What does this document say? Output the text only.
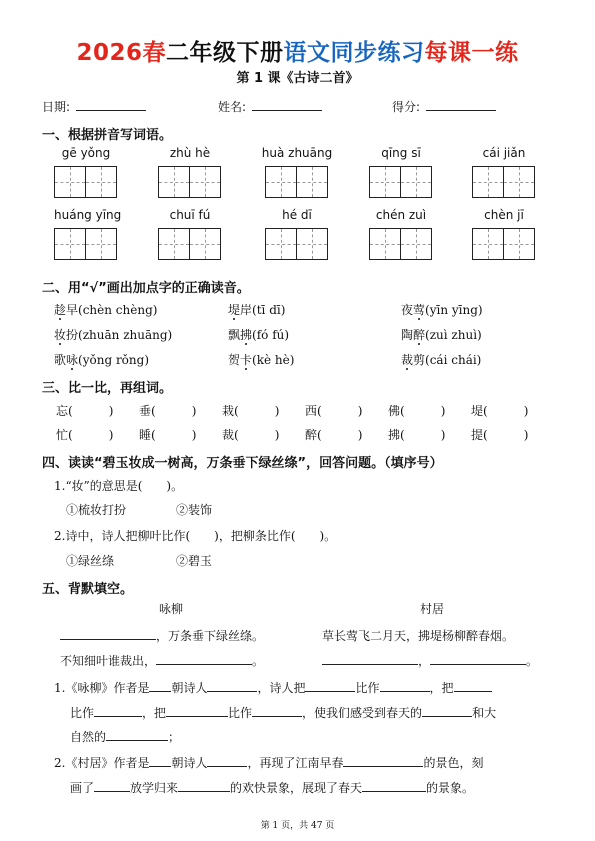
2026春二年级下册语文同步练习每课一练
第 1 课《古诗二首》
日期:	姓名:	得分:
一、根据拼音写词语。
gē yǒng	zhù hè	huà zhuāng	qīng sī	cái jiǎn
huáng yīng	chuī fú	hé dī	chén zuì	chèn jī
二、用“√”画出加点字的正确读音。
趁早(chèn chèng)	堤岸(tī dī)	夜莺(yīn yīng)
妆扮(zhuān zhuāng)	飘拂(fó fú)	陶醉(zuì zhuì)
歌咏(yǒng rǒng)	贺卡(kè hè)	裁剪(cái chái)
三、比一比，再组词。
忘(　　　) 垂(　　　) 栽(　　　) 西(　　　) 佛(　　　) 堤(　　　)
忙(　　　) 睡(　　　) 裁(　　　) 醉(　　　) 拂(　　　) 提(　　　)
四、读读“碧玉妆成一树高，万条垂下绿丝绦”，回答问题。（填序号）
1.“妆”的意思是(　　)。
①梳妆打扮	②装饰
2.诗中，诗人把柳叶比作(　　)，把柳条比作(　　)。
①绿丝绦	②碧玉
五、背默填空。
咏柳	村居
，万条垂下绿丝绦。	草长莺飞二月天，拂堤杨柳醉春烟。
不知细叶谁裁出，	。	，	。
1.《咏柳》作者是 朝诗人	，诗人把	比作	，把
比作	，把	比作	，使我们感受到春天的	和大
自然的	；
2.《村居》作者是 朝诗人	，再现了江南早春	的景色，刻
画了	放学归来	的欢快景象，展现了春天	的景象。
第 1 页，共 47 页
